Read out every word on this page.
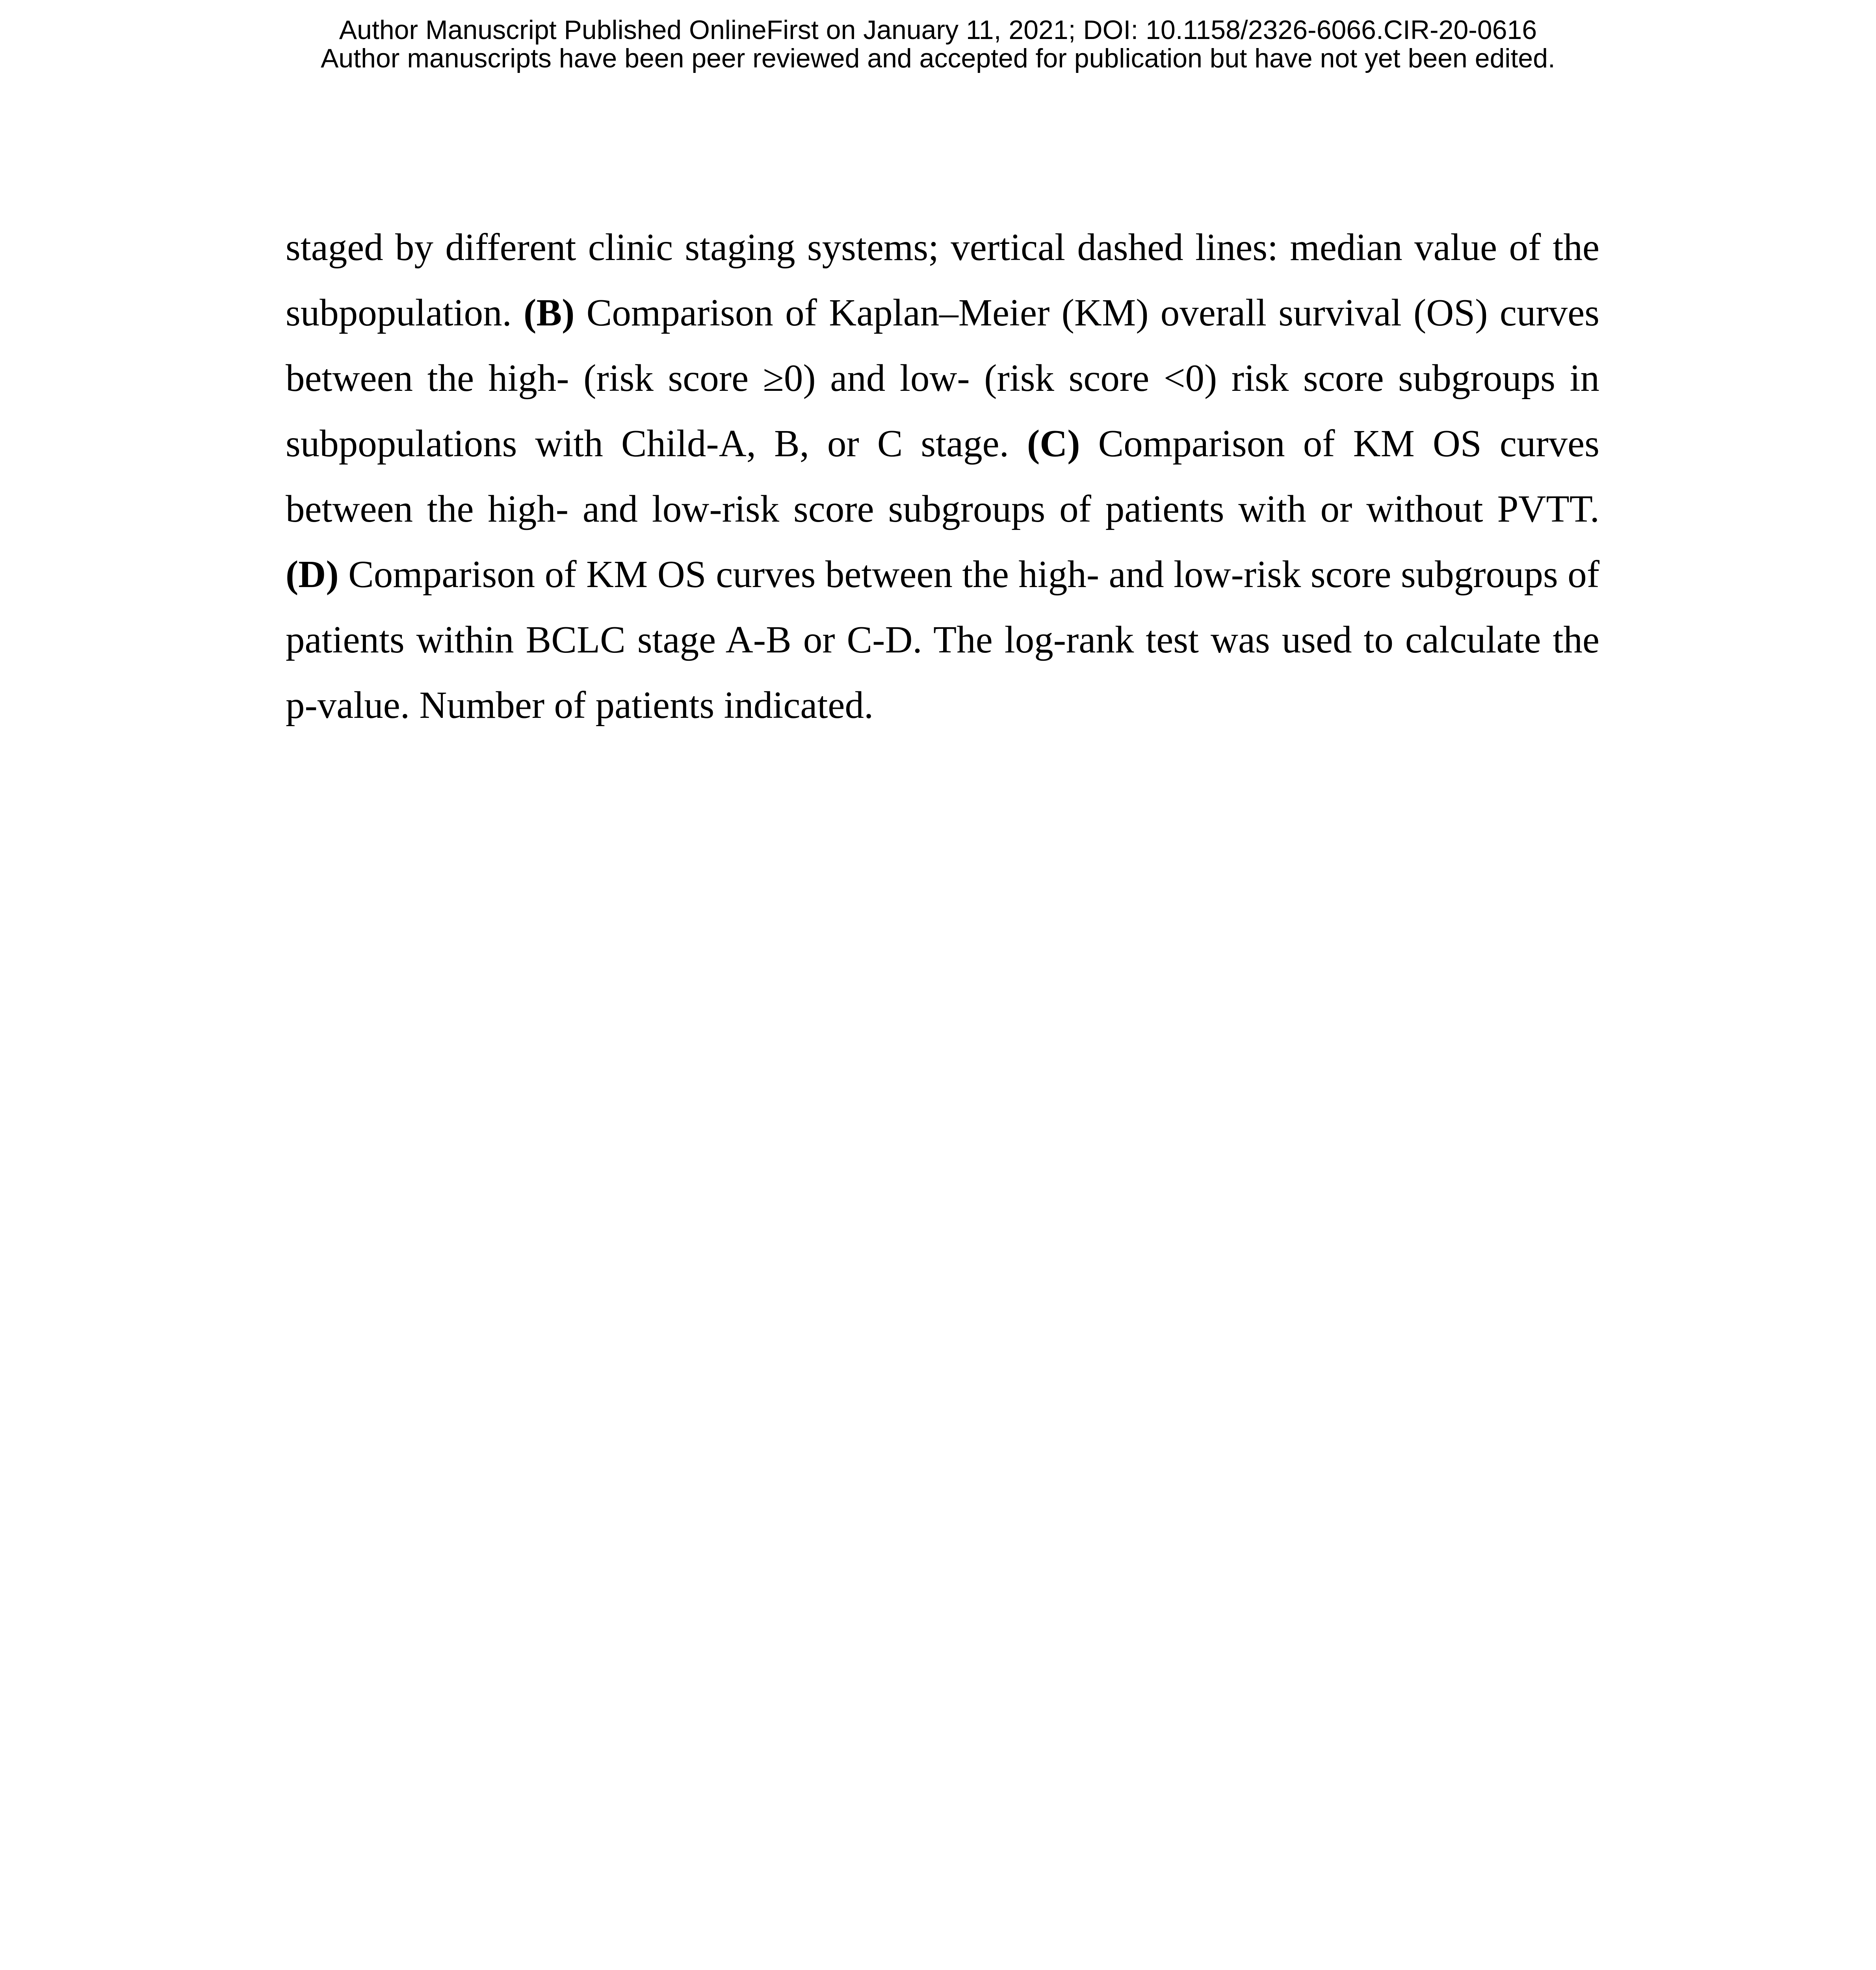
Author Manuscript Published OnlineFirst on January 11, 2021; DOI: 10.1158/2326-6066.CIR-20-0616
Author manuscripts have been peer reviewed and accepted for publication but have not yet been edited.
staged by different clinic staging systems; vertical dashed lines: median value of the subpopulation. (B) Comparison of Kaplan–Meier (KM) overall survival (OS) curves between the high- (risk score ≥0) and low- (risk score <0) risk score subgroups in subpopulations with Child-A, B, or C stage. (C) Comparison of KM OS curves between the high- and low-risk score subgroups of patients with or without PVTT. (D) Comparison of KM OS curves between the high- and low-risk score subgroups of patients within BCLC stage A-B or C-D. The log-rank test was used to calculate the p-value. Number of patients indicated.
